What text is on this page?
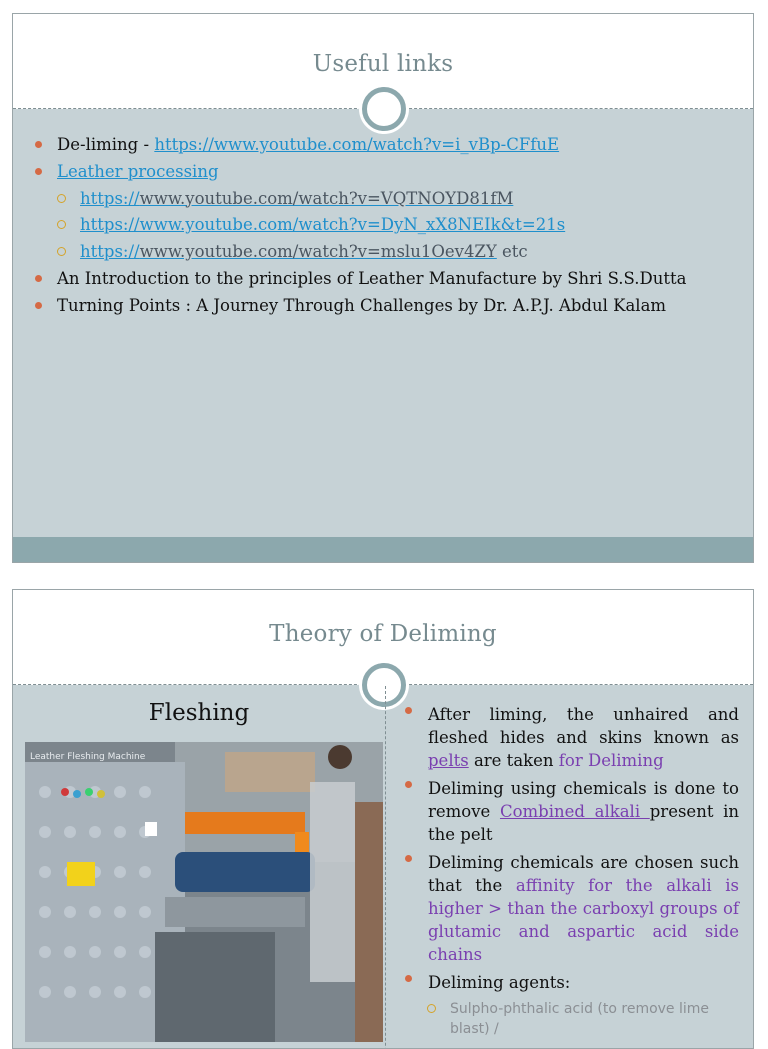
Useful links
De-liming - https://www.youtube.com/watch?v=i_vBp-CFfuE
Leather processing
https://www.youtube.com/watch?v=VQTNOYD81fM
https://www.youtube.com/watch?v=DyN_xX8NEIk&t=21s
https://www.youtube.com/watch?v=mslu1Oev4ZY etc
An Introduction to the principles of Leather Manufacture by Shri S.S.Dutta
Turning Points : A Journey Through Challenges by Dr. A.P.J. Abdul Kalam
Theory of Deliming
Fleshing
Leather Fleshing Machine
After liming, the unhaired and fleshed hides and skins known as pelts are taken for Deliming
Deliming using chemicals is done to remove Combined alkali present in the pelt
Deliming chemicals are chosen such that the affinity for the alkali is higher > than the carboxyl groups of glutamic and aspartic acid side chains
Deliming agents:
Sulpho-phthalic acid (to remove lime blast) /
